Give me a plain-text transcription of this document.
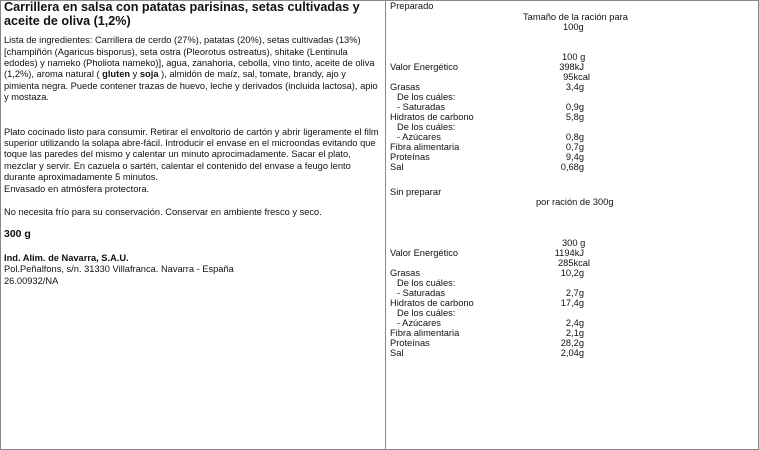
Carrillera en salsa con patatas parisinas, setas cultivadas y aceite de oliva (1,2%)

Lista de ingredientes: Carrillera de cerdo (27%), patatas (20%), setas cultivadas (13%)[champiñón (Agaricus bisporus), seta ostra (Pleorotus ostreatus), shitake (Lentinula edodes) y nameko (Pholiota nameko)], agua, zanahoria, cebolla, vino tinto, aceite de oliva (1,2%), aroma natural ( gluten y soja ), almidón de maíz, sal, tomate, brandy, ajo y pimienta negra. Puede contener trazas de huevo, leche y derivados (incluida lactosa), apio y mostaza.

Plato cocinado listo para consumir. Retirar el envoltorio de cartón y abrir ligeramente el film superior utilizando la solapa abre-fácil. Introducir el envase en el microondas evitando que toque las paredes del mismo y calentar un minuto aprocimadamente. Sacar el plato, mezclar y servir. En cazuela o sartén, calentar el contenido del envase a feugo lento durante aproximadamente 5 minutos.

Envasado en atmósfera protectora.

No necesita frío para su conservación. Conservar en ambiente fresco y seco.

300 g

Ind. Alim. de Navarra, S.A.U.

Pol.Peñalfons, s/n. 31330 Villafranca. Navarra - España

26.00932/NA

Preparado
Tamaño de la ración para
100g
100 g
Valor Energético	398kJ
95kcal
Grasas	3,4g
De los cuáles:
- Saturadas	0,9g
Hidratos de carbono	5,8g
De los cuáles:
- Azúcares	0,8g
Fibra alimentaria	0,7g
Proteínas	9,4g
Sal	0,68g
Sin preparar
por ración de 300g
300 g
Valor Energético	1194kJ
285kcal
Grasas	10,2g
De los cuáles:
- Saturadas	2,7g
Hidratos de carbono	17,4g
De los cuáles:
- Azúcares	2,4g
Fibra alimentaria	2,1g
Proteínas	28,2g
Sal	2,04g
